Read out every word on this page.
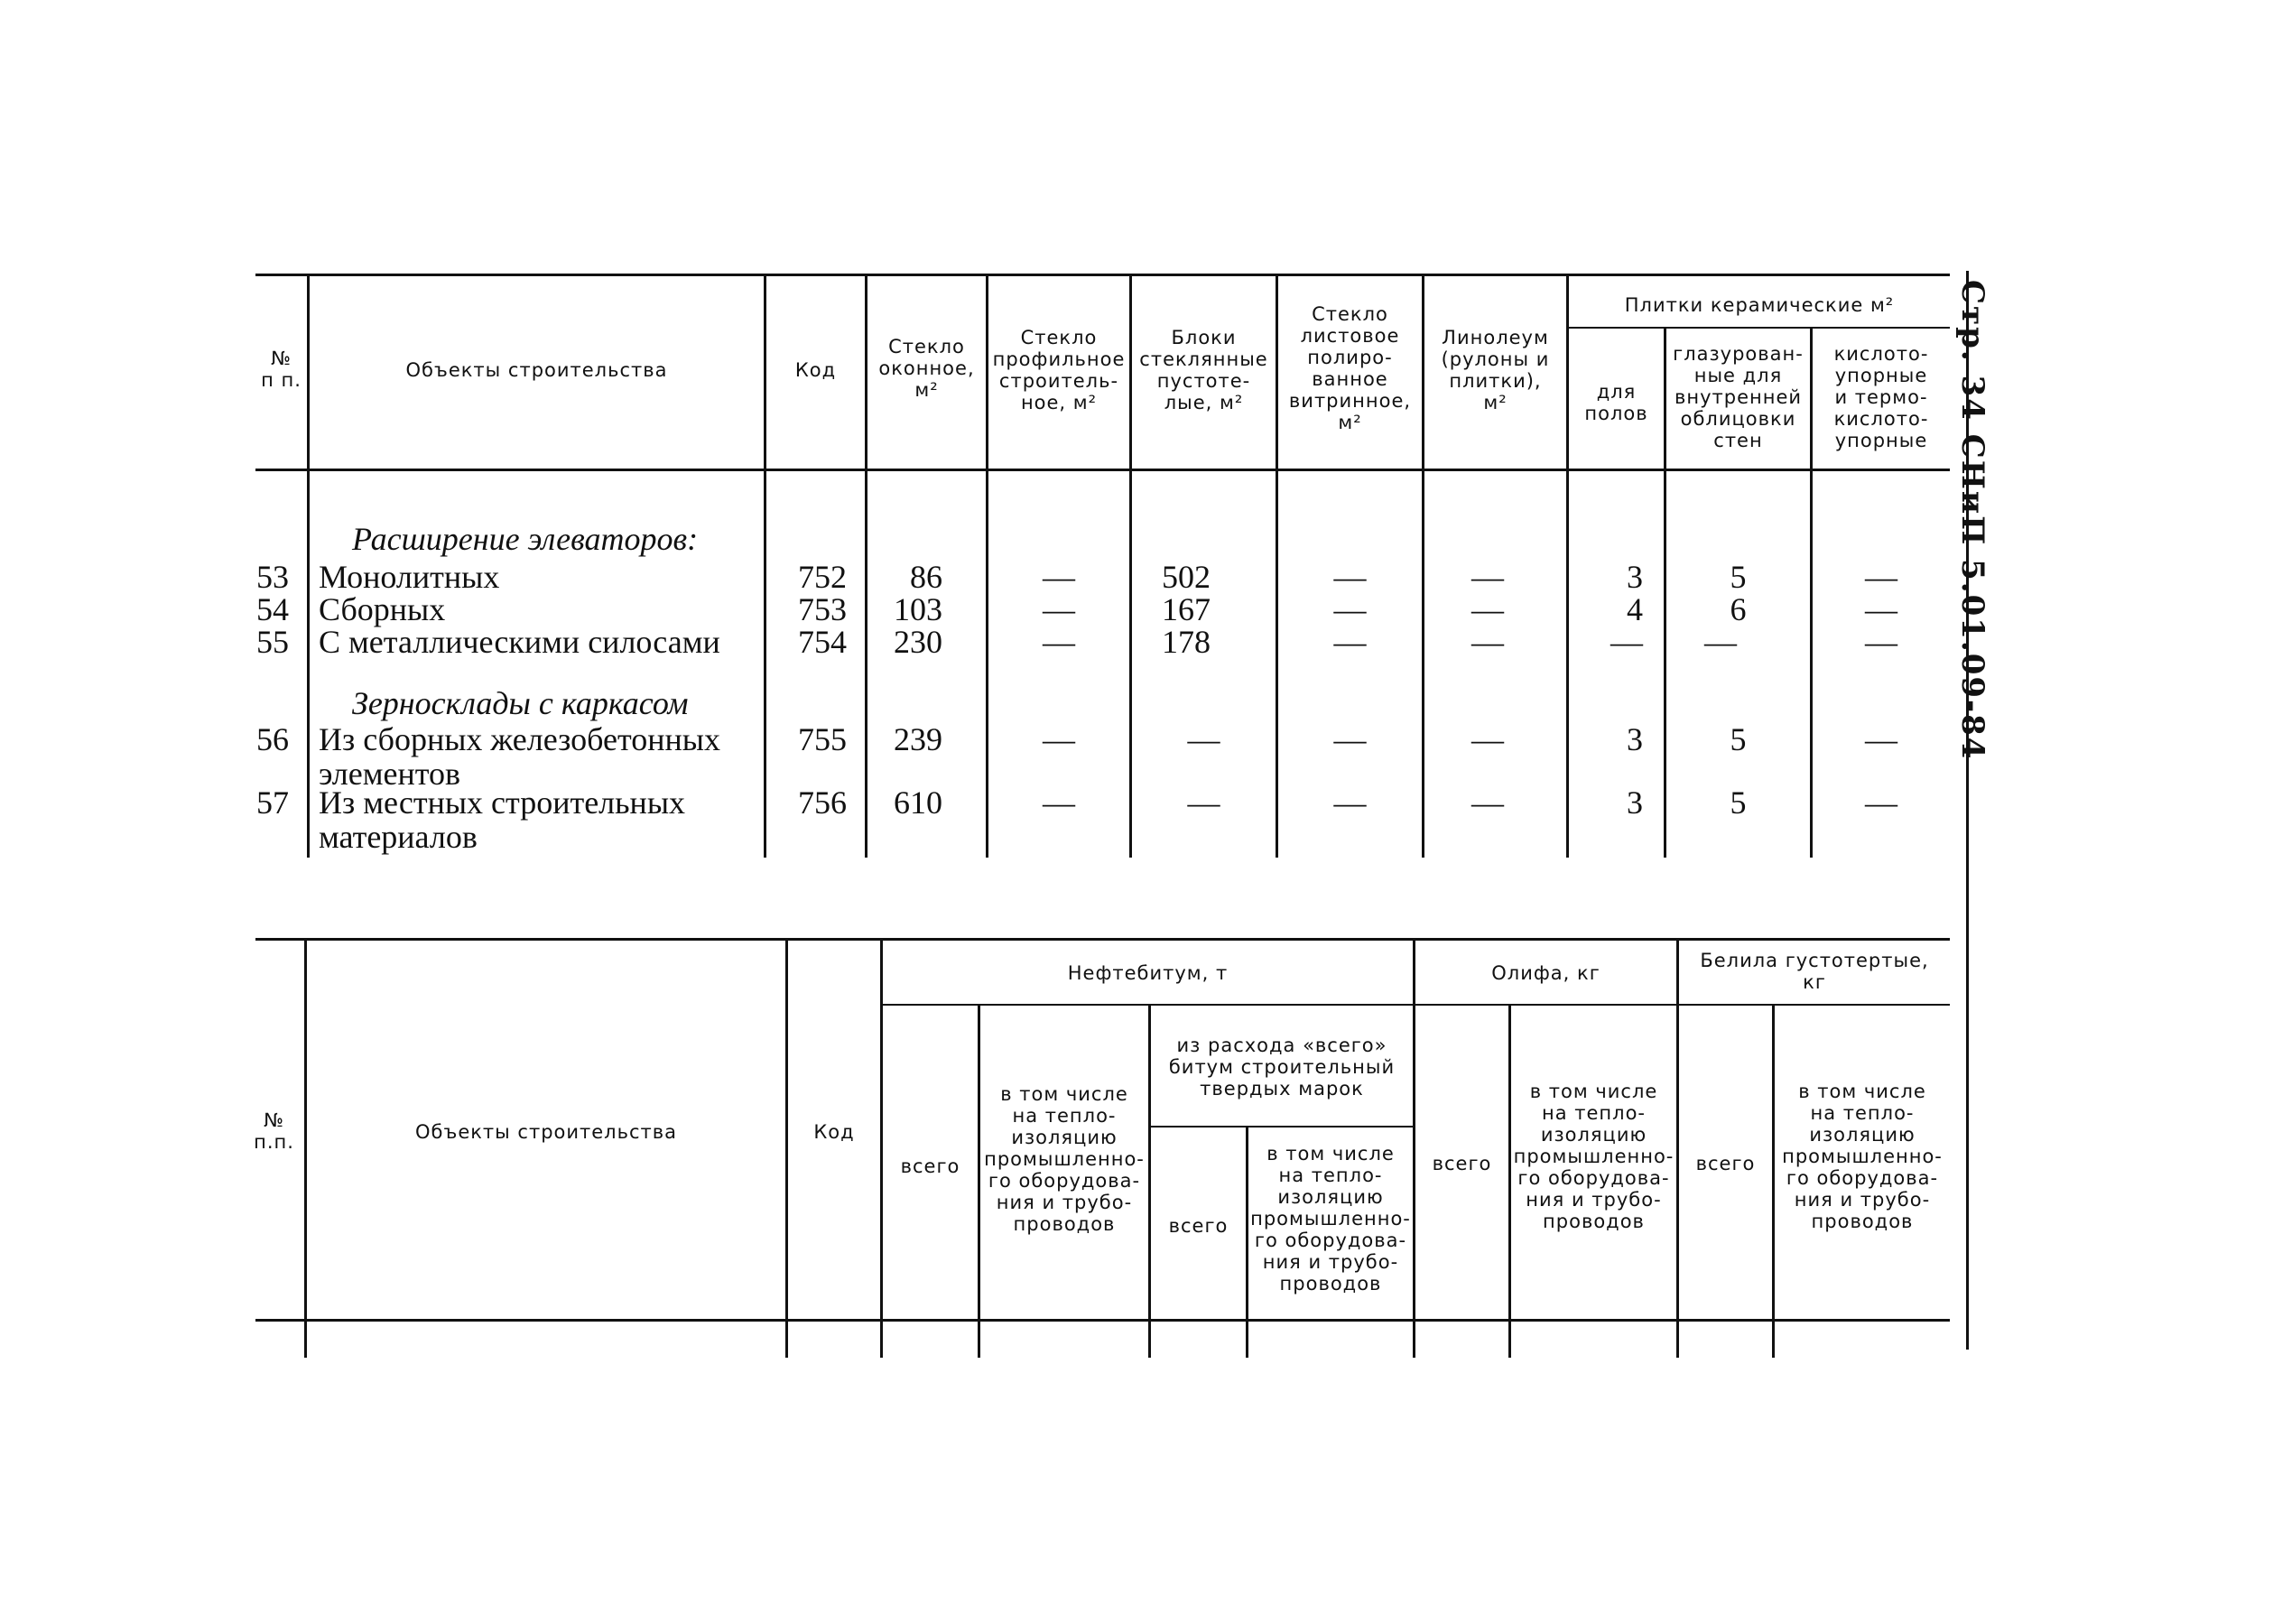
№
п п.	Объекты строительства	Код
Стекло
оконное,
м²
Стекло
профильное
строитель-
ное, м²
Блоки
стеклянные
пустоте-
лые, м²
Стекло
листовое
полиро-
ванное
витринное,
м²
Линолеум
(рулоны и
плитки),
м²
Плитки керамические м²
для
полов
глазурован-
ные для
внутренней
облицовки
стен
кислото-
упорные
и термо-
кислото-
упорные
Расширение элеваторов:
53 Монолитных	752	86	—	502	—	—	3	5	—
54 Сборных	753	103	—	167	—	—	4	6	—
55 С металлическими силосами	754	230	—	178	—	—	—	—	—
Зерносклады с каркасом
56 Из сборных железобетонных
элементов
755	239	—	—	—	—	3	5	—
57 Из местных строительных
материалов
756	610	—	—	—	—	3	5	—
№
п.п.	Объекты строительства	Код
Нефтебитум, т
всего
в том числе
на тепло-
изоляцию
промышленно-
го оборудова-
ния и трубо-
проводов
из расхода «всего»
битум строительный
твердых марок
всего
в том числе
на тепло-
изоляцию
промышленно-
го оборудова-
ния и трубо-
проводов
Олифа, кг
всего
в том числе
на тепло-
изоляцию
промышленно-
го оборудова-
ния и трубо-
проводов
Белила густотертые,
кг
всего
в том числе
на тепло-
изоляцию
промышленно-
го оборудова-
ния и трубо-
проводов
Стр. 34 СНиП 5.01.09-84
